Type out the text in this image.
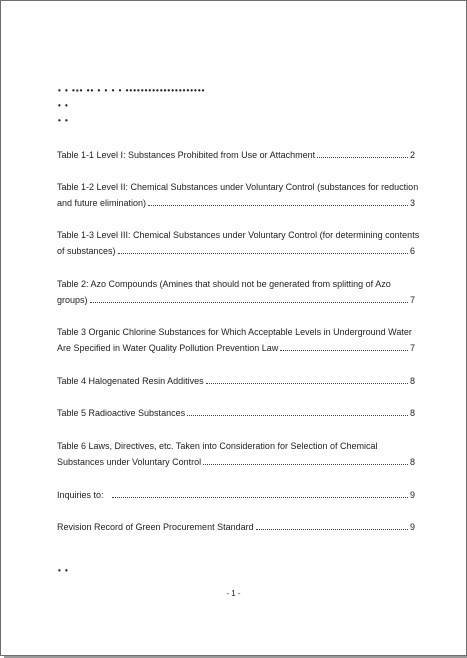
• • •▪• •• • • • • •••••••••••••••••••••
• •
• •
Table 1-1 Level I: Substances Prohibited from Use or Attachment	2
Table 1-2 Level II: Chemical Substances under Voluntary Control (substances for reduction
and future elimination)	3
Table 1-3 Level III: Chemical Substances under Voluntary Control (for determining contents
of substances)	6
Table 2: Azo Compounds (Amines that should not be generated from splitting of Azo
groups)	7
Table 3 Organic Chlorine Substances for Which Acceptable Levels in Underground Water
Are Specified in Water Quality Pollution Prevention Law	7
Table 4 Halogenated Resin Additives	8
Table 5 Radioactive Substances	8
Table 6 Laws, Directives, etc. Taken into Consideration for Selection of Chemical
Substances under Voluntary Control	8
Inquiries to:	9
Revision Record of Green Procurement Standard	9
• •
- 1 -
